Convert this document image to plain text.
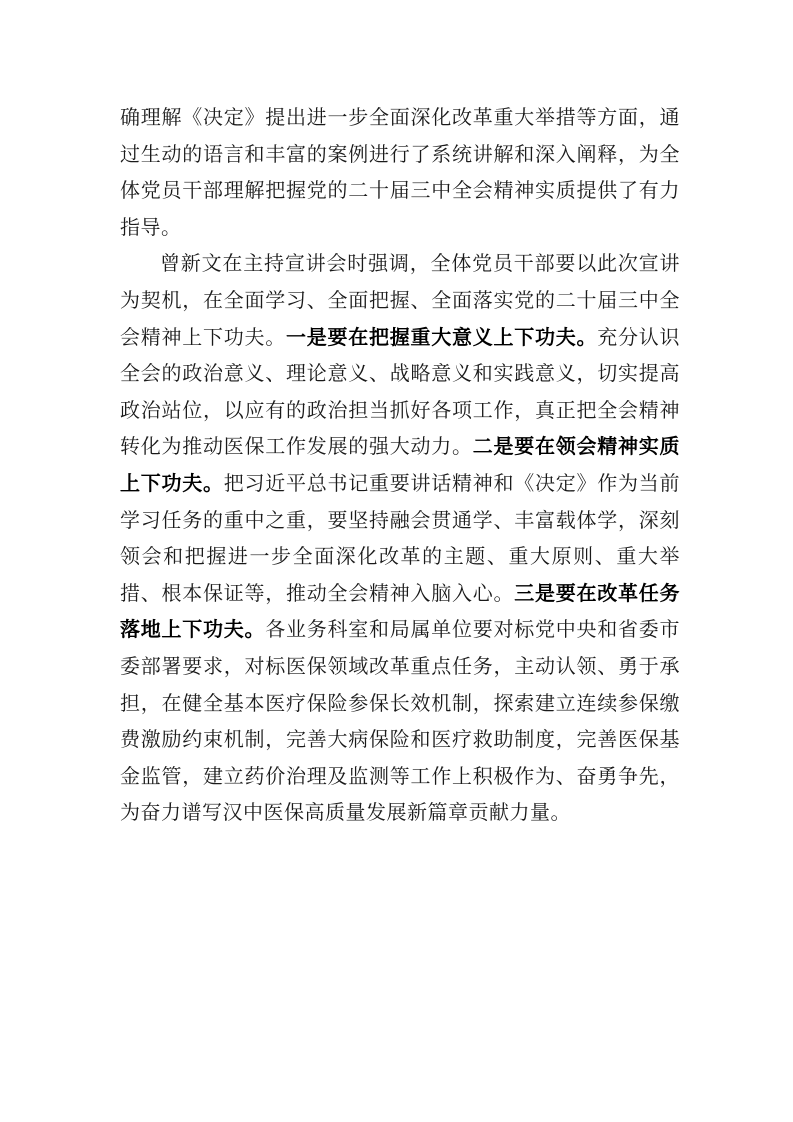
确理解《决定》提出进一步全面深化改革重大举措等方面，通过生动的语言和丰富的案例进行了系统讲解和深入阐释，为全体党员干部理解把握党的二十届三中全会精神实质提供了有力指导。

曾新文在主持宣讲会时强调，全体党员干部要以此次宣讲为契机，在全面学习、全面把握、全面落实党的二十届三中全会精神上下功夫。一是要在把握重大意义上下功夫。充分认识全会的政治意义、理论意义、战略意义和实践意义，切实提高政治站位，以应有的政治担当抓好各项工作，真正把全会精神转化为推动医保工作发展的强大动力。二是要在领会精神实质上下功夫。把习近平总书记重要讲话精神和《决定》作为当前学习任务的重中之重，要坚持融会贯通学、丰富载体学，深刻领会和把握进一步全面深化改革的主题、重大原则、重大举措、根本保证等，推动全会精神入脑入心。三是要在改革任务落地上下功夫。各业务科室和局属单位要对标党中央和省委市委部署要求，对标医保领域改革重点任务，主动认领、勇于承担，在健全基本医疗保险参保长效机制，探索建立连续参保缴费激励约束机制，完善大病保险和医疗救助制度，完善医保基金监管，建立药价治理及监测等工作上积极作为、奋勇争先，为奋力谱写汉中医保高质量发展新篇章贡献力量。
